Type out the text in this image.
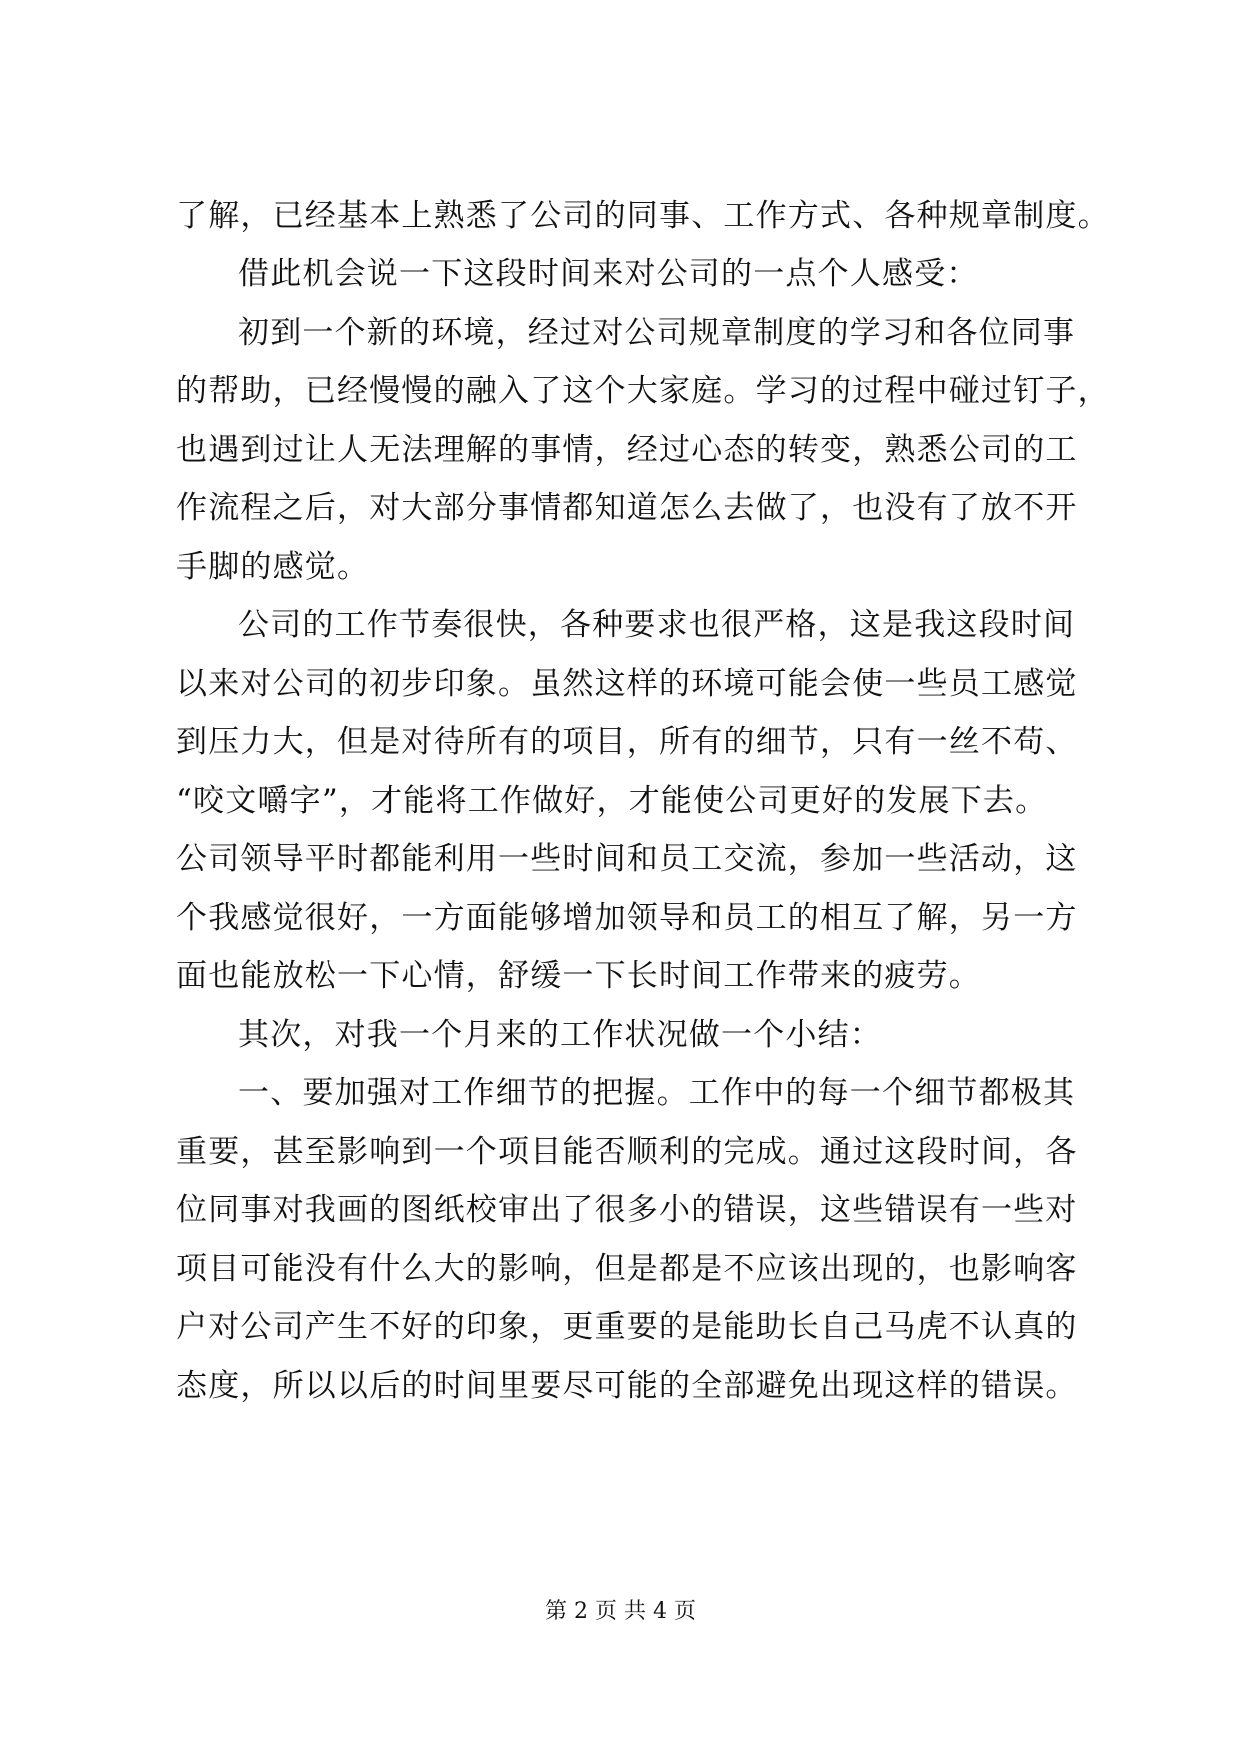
了解，已经基本上熟悉了公司的同事、工作方式、各种规章制度。
借此机会说一下这段时间来对公司的一点个人感受：
初到一个新的环境，经过对公司规章制度的学习和各位同事
的帮助，已经慢慢的融入了这个大家庭。学习的过程中碰过钉子，
也遇到过让人无法理解的事情，经过心态的转变，熟悉公司的工
作流程之后，对大部分事情都知道怎么去做了，也没有了放不开
手脚的感觉。
公司的工作节奏很快，各种要求也很严格，这是我这段时间
以来对公司的初步印象。虽然这样的环境可能会使一些员工感觉
到压力大，但是对待所有的项目，所有的细节，只有一丝不苟、
“咬文嚼字”，才能将工作做好，才能使公司更好的发展下去。
公司领导平时都能利用一些时间和员工交流，参加一些活动，这
个我感觉很好，一方面能够增加领导和员工的相互了解，另一方
面也能放松一下心情，舒缓一下长时间工作带来的疲劳。
其次，对我一个月来的工作状况做一个小结：
一、要加强对工作细节的把握。工作中的每一个细节都极其
重要，甚至影响到一个项目能否顺利的完成。通过这段时间，各
位同事对我画的图纸校审出了很多小的错误，这些错误有一些对
项目可能没有什么大的影响，但是都是不应该出现的，也影响客
户对公司产生不好的印象，更重要的是能助长自己马虎不认真的
态度，所以以后的时间里要尽可能的全部避免出现这样的错误。
第 2 页 共 4 页
